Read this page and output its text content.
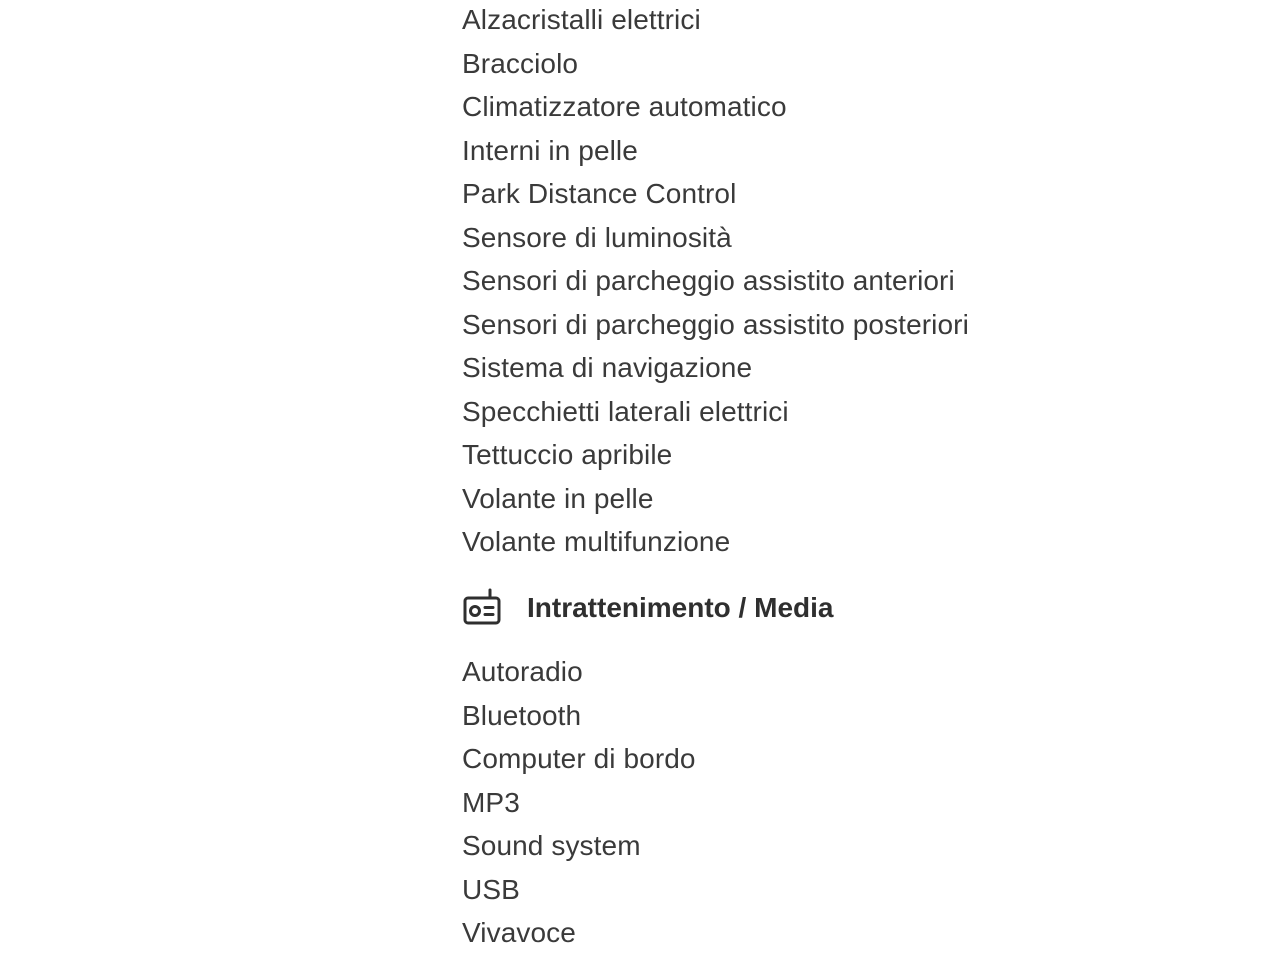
Alzacristalli elettrici
Bracciolo
Climatizzatore automatico
Interni in pelle
Park Distance Control
Sensore di luminosità
Sensori di parcheggio assistito anteriori
Sensori di parcheggio assistito posteriori
Sistema di navigazione
Specchietti laterali elettrici
Tettuccio apribile
Volante in pelle
Volante multifunzione
Intrattenimento / Media
Autoradio
Bluetooth
Computer di bordo
MP3
Sound system
USB
Vivavoce
